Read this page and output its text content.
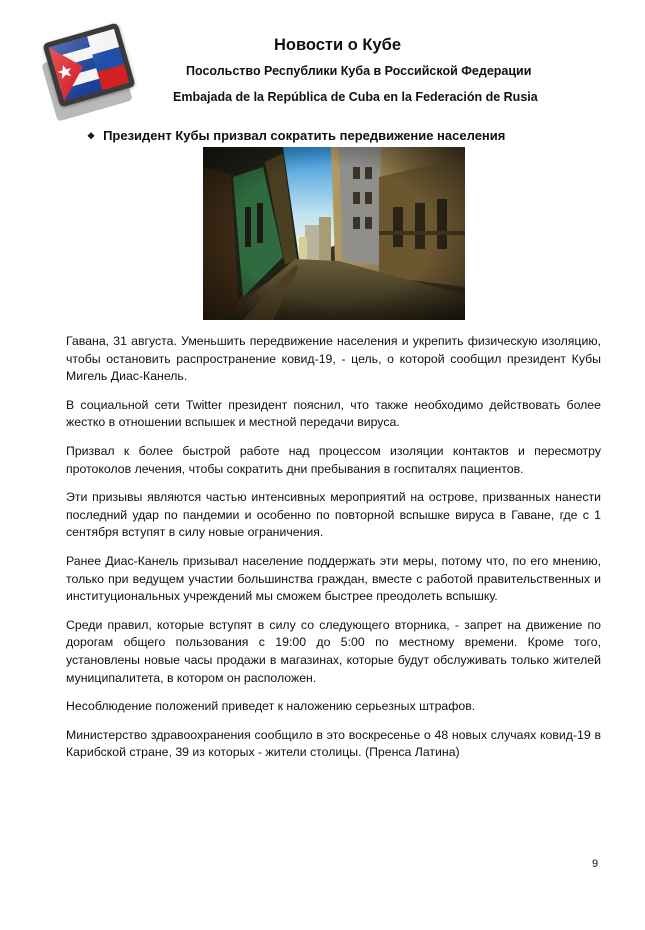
Новости о Кубе
Посольство Республики Куба в Российской Федерации
Embajada de la República de Cuba en la Federación de Rusia
❖ Президент Кубы призвал сократить передвижение населения

Гавана, 31 августа. Уменьшить передвижение населения и укрепить физическую изоляцию, чтобы остановить распространение ковид-19, - цель, о которой сообщил президент Кубы Мигель Диас-Канель.

В социальной сети Twitter президент пояснил, что также необходимо действовать более жестко в отношении вспышек и местной передачи вируса.

Призвал к более быстрой работе над процессом изоляции контактов и пересмотру протоколов лечения, чтобы сократить дни пребывания в госпиталях пациентов.

Эти призывы являются частью интенсивных мероприятий на острове, призванных нанести последний удар по пандемии и особенно по повторной вспышке вируса в Гаване, где с 1 сентября вступят в силу новые ограничения.

Ранее Диас-Канель призывал население поддержать эти меры, потому что, по его мнению, только при ведущем участии большинства граждан, вместе с работой правительственных и институциональных учреждений мы сможем быстрее преодолеть вспышку.

Среди правил, которые вступят в силу со следующего вторника, - запрет на движение по дорогам общего пользования с 19:00 до 5:00 по местному времени. Кроме того, установлены новые часы продажи в магазинах, которые будут обслуживать только жителей муниципалитета, в котором он расположен.

Несоблюдение положений приведет к наложению серьезных штрафов.

Министерство здравоохранения сообщило в это воскресенье о 48 новых случаях ковид-19 в Карибской стране, 39 из которых - жители столицы. (Пренса Латина)

9
